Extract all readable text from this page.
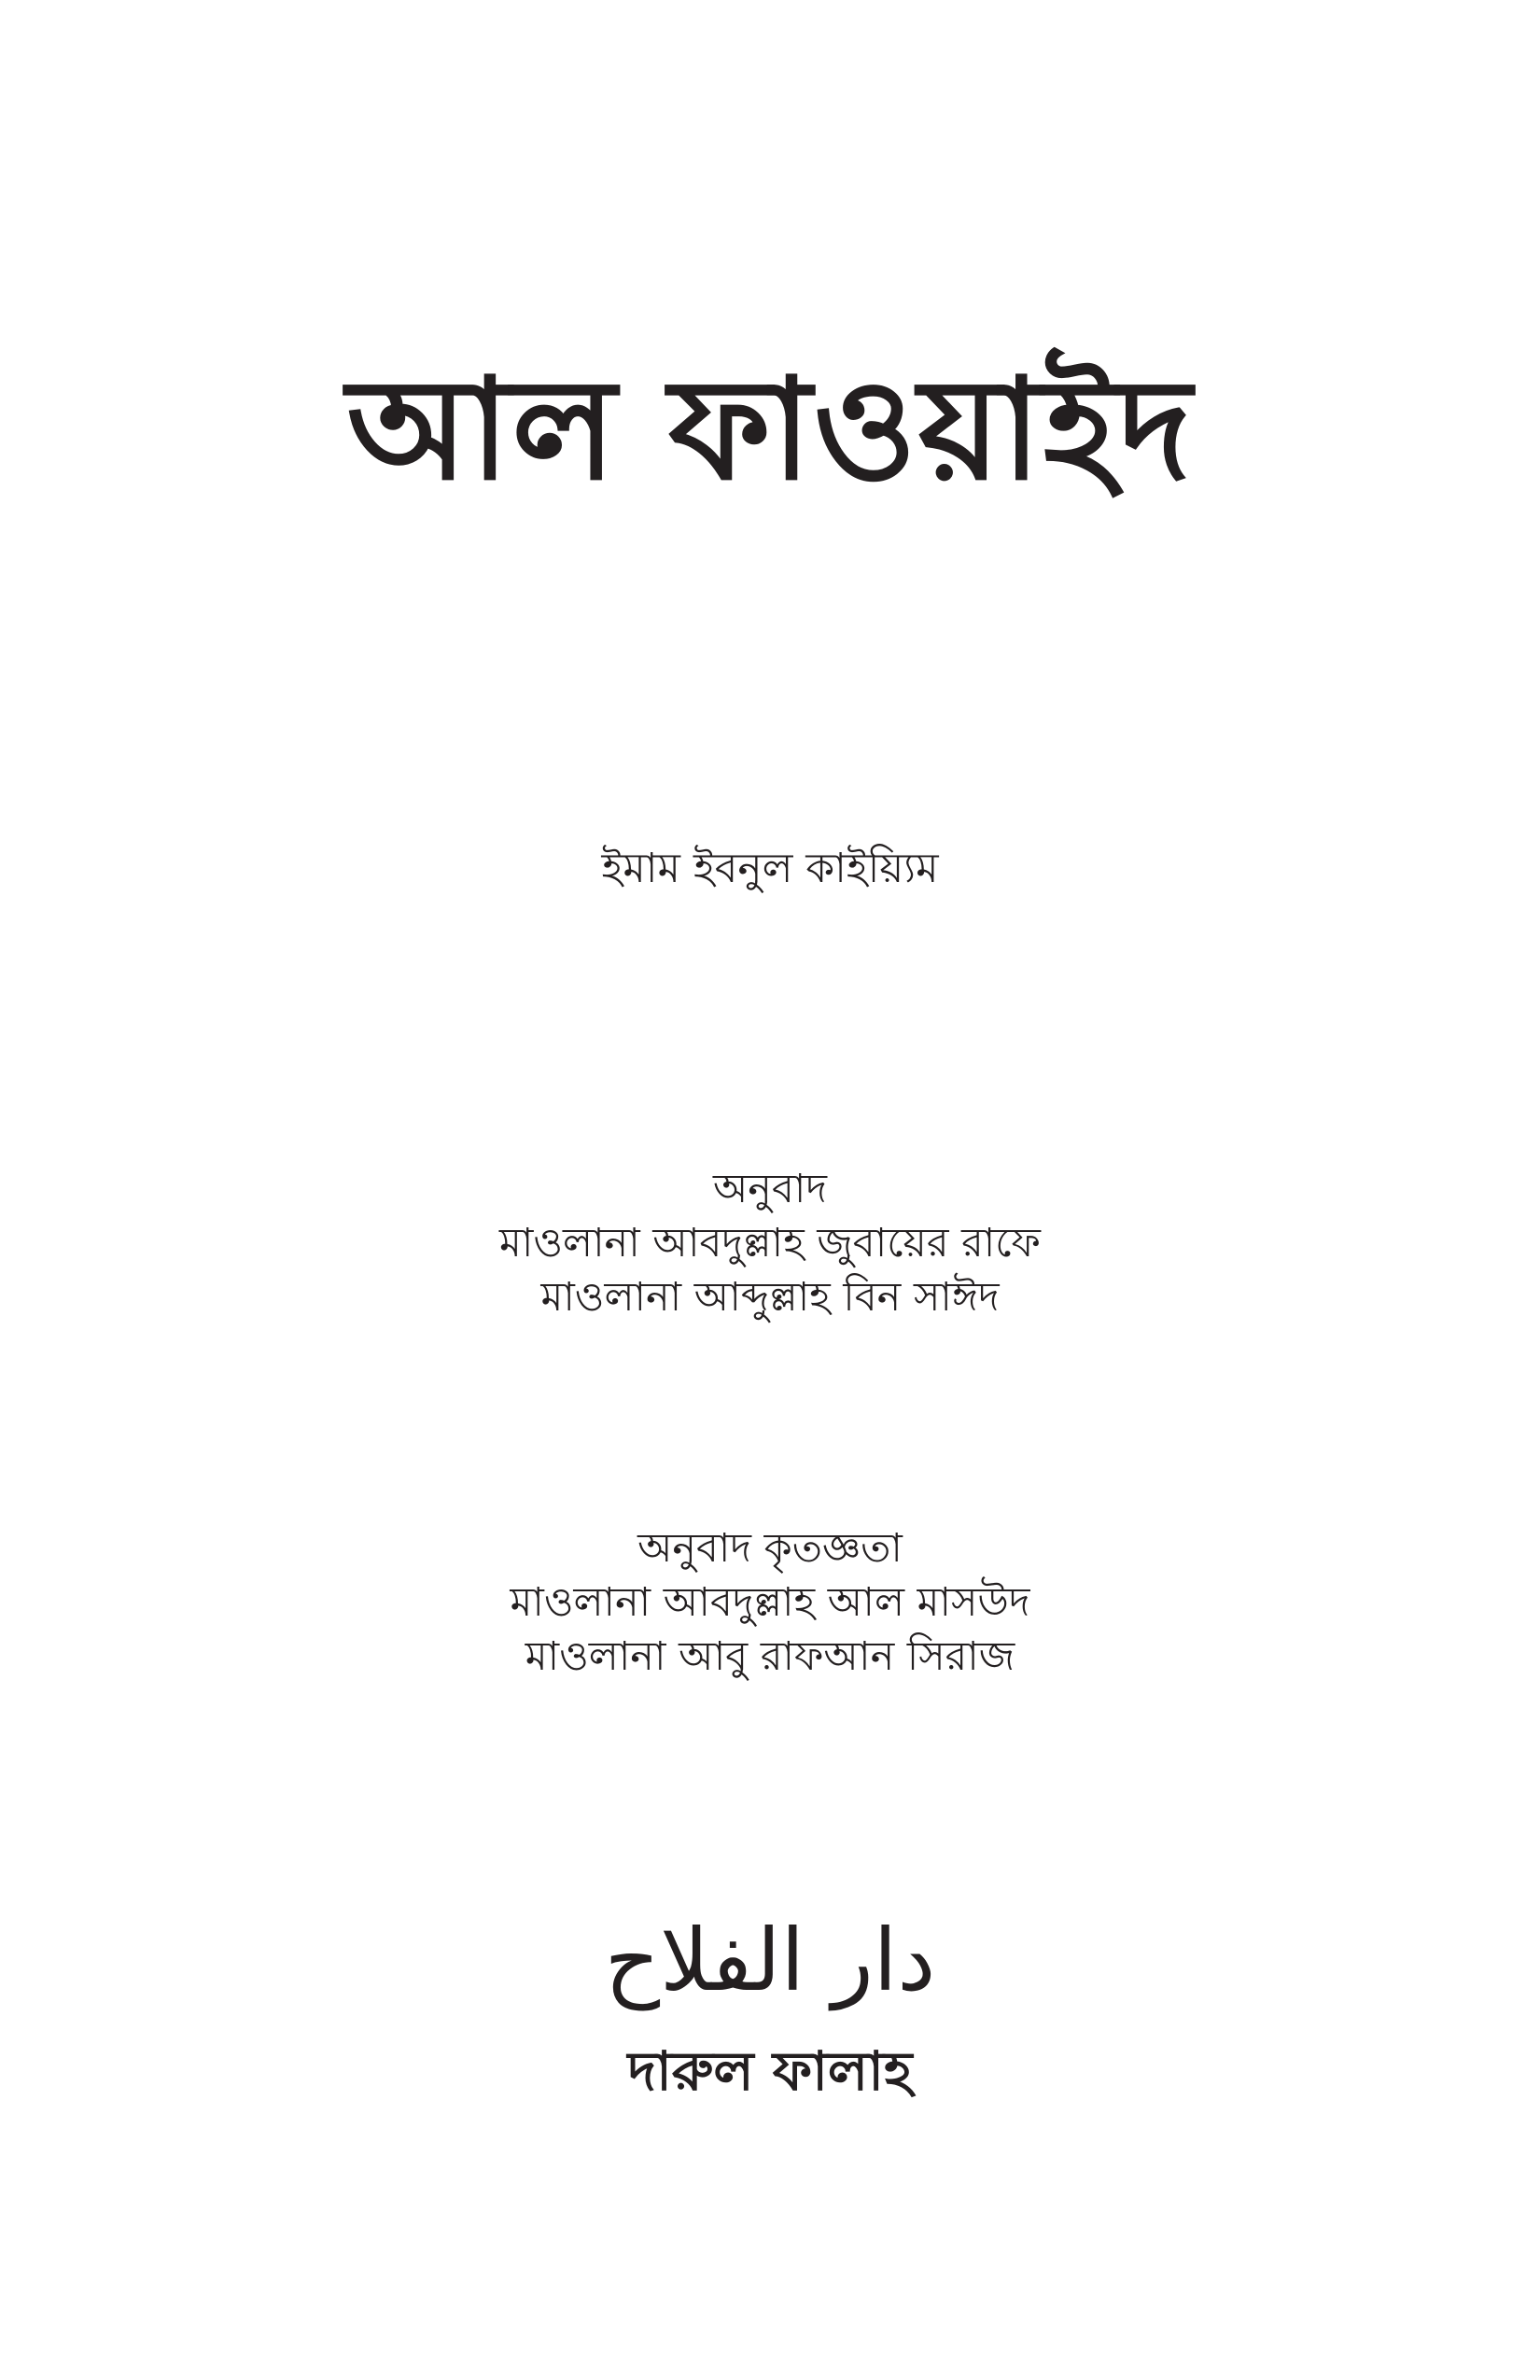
আল ফাওয়াইদ
ইমাম ইবনুল কাইয়্যিম
অনুবাদ
মাওলানা আবদুল্লাহ জুবায়ের রাফে
মাওলানা আব্দুল্লাহ বিন সাঈদ
অনুবাদ কৃতজ্ঞতা
মাওলানা আবদুল্লাহ আল মাসউদ
মাওলানা আবু রাফআন সিরাজ
دار الفلاح
দারুল ফালাহ
